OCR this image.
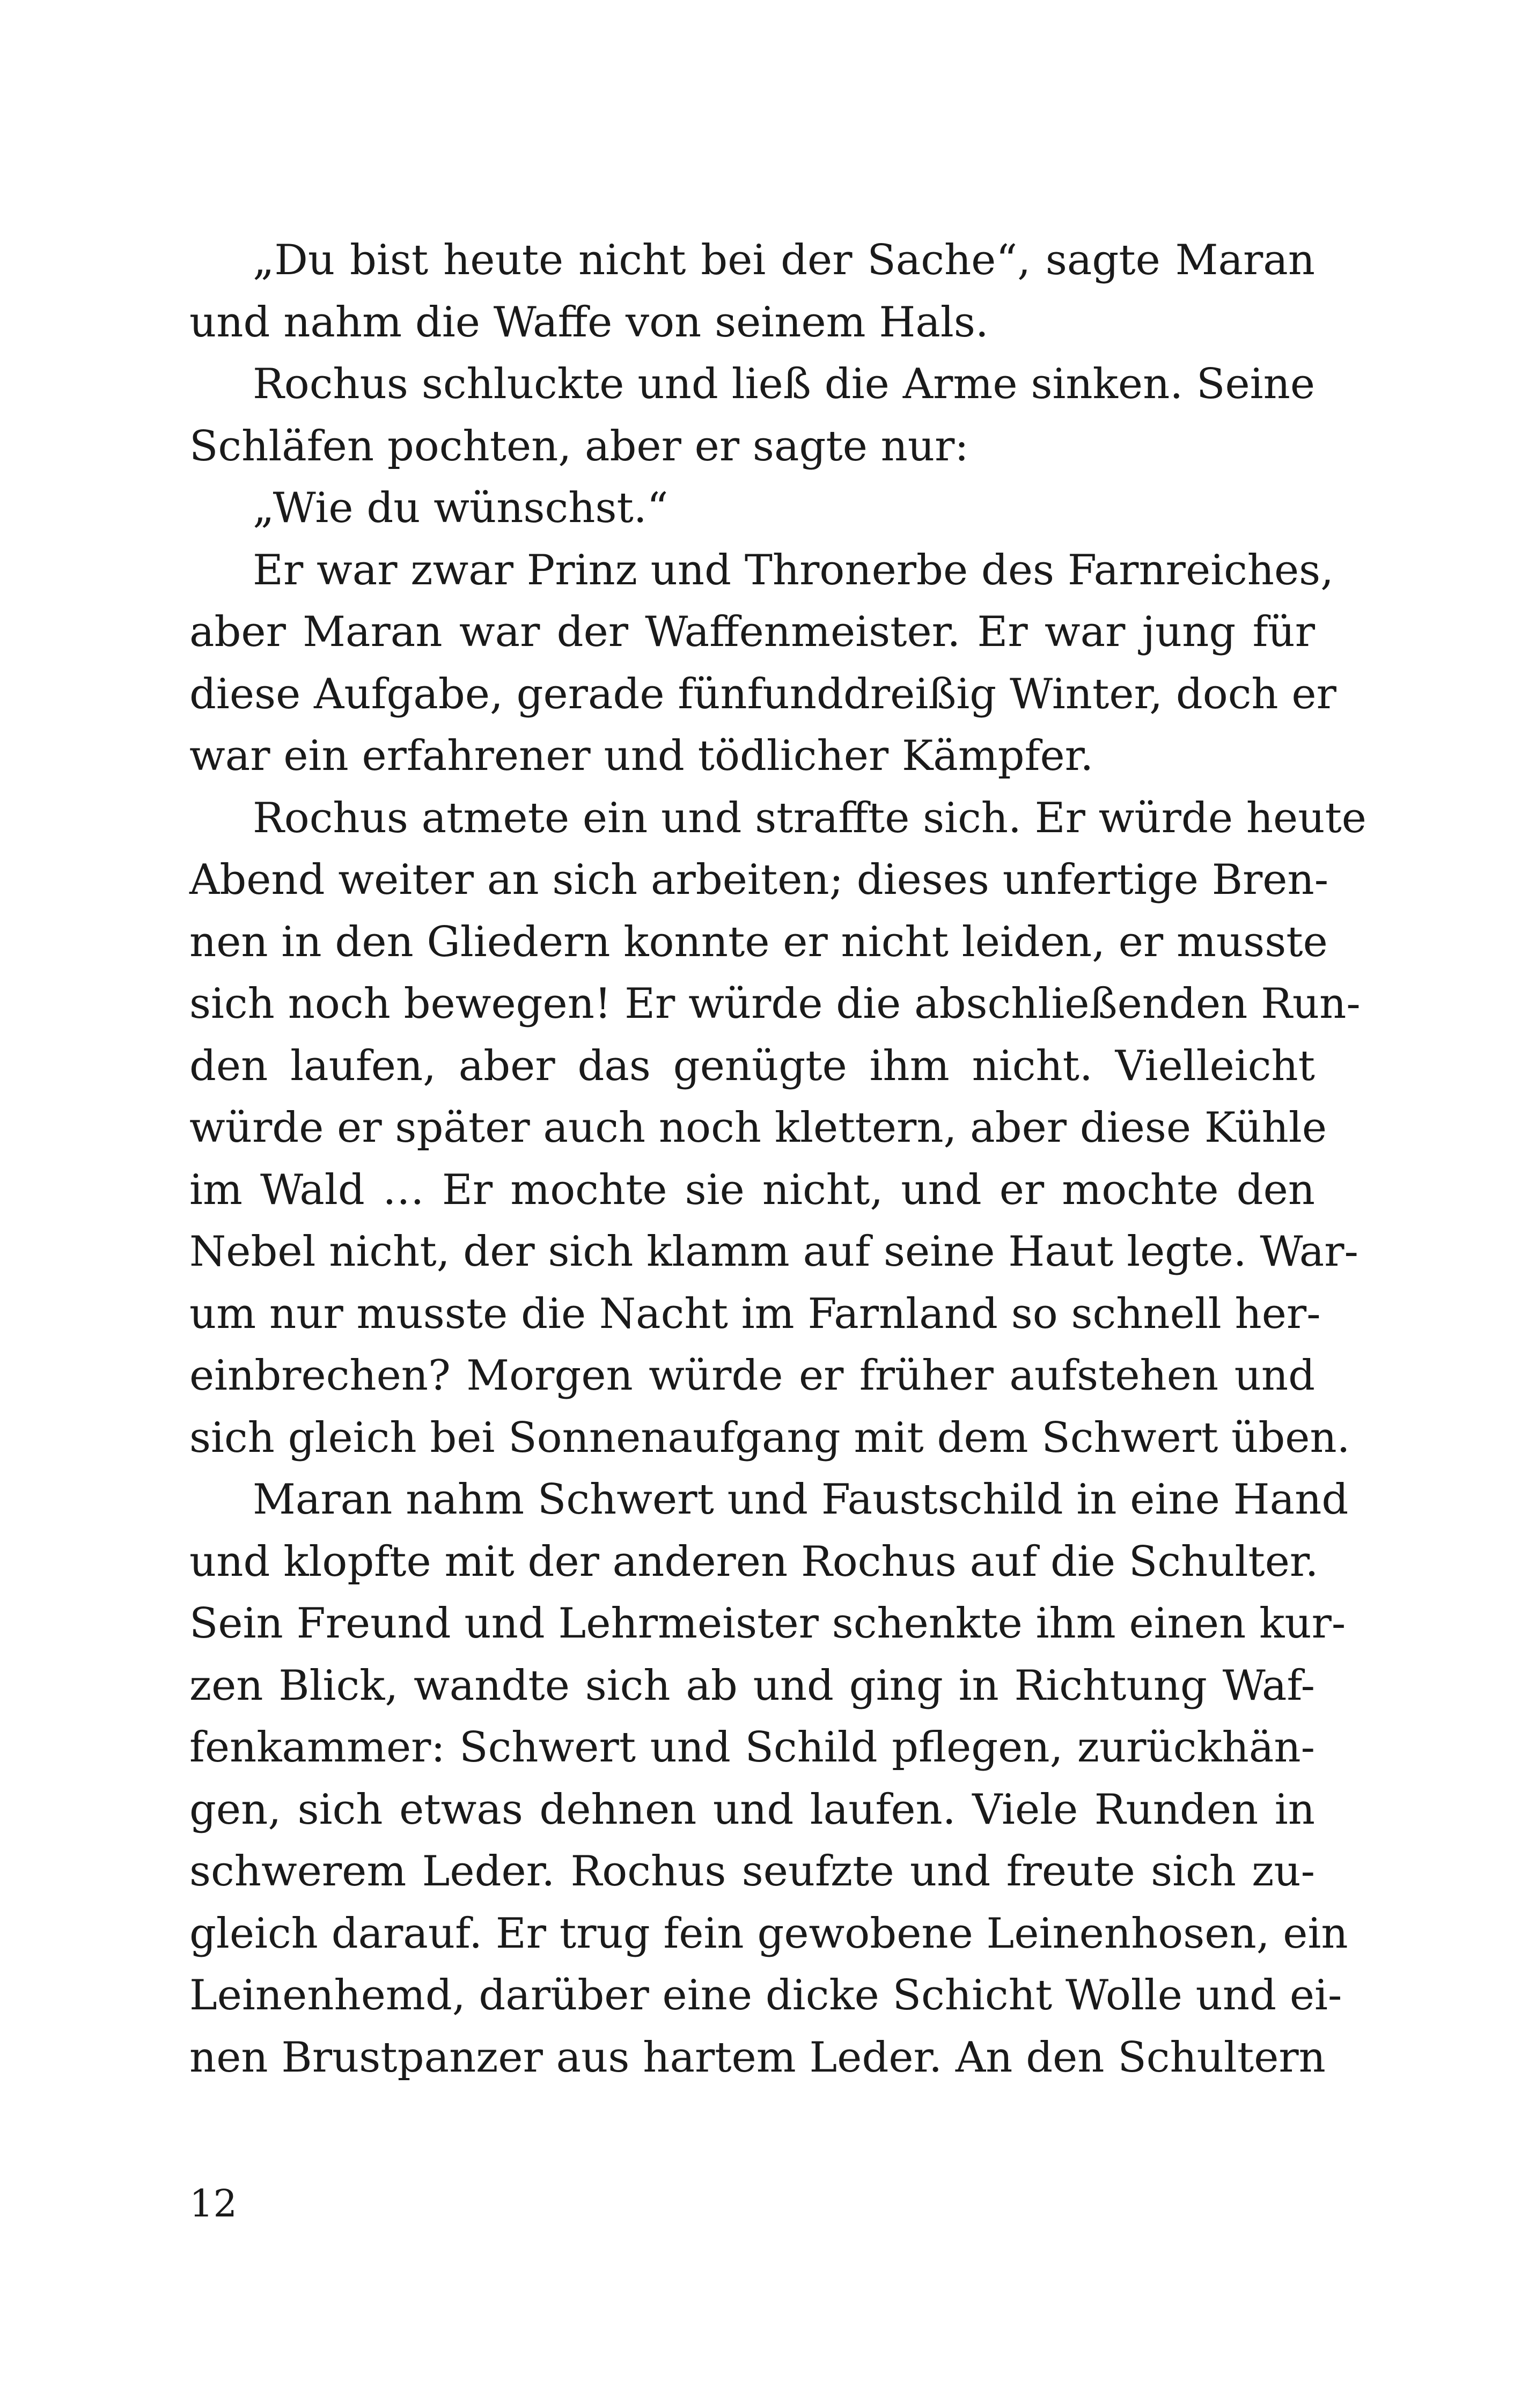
„Du bist heute nicht bei der Sache“, sagte Maran
und nahm die Waffe von seinem Hals.
Rochus schluckte und ließ die Arme sinken. Seine
Schläfen pochten, aber er sagte nur:
„Wie du wünschst.“
Er war zwar Prinz und Thronerbe des Farnreiches,
aber Maran war der Waffenmeister. Er war jung für
diese Aufgabe, gerade fünfunddreißig Winter, doch er
war ein erfahrener und tödlicher Kämpfer.
Rochus atmete ein und straffte sich. Er würde heute
Abend weiter an sich arbeiten; dieses unfertige Bren-
nen in den Gliedern konnte er nicht leiden, er musste
sich noch bewegen! Er würde die abschließenden Run-
den laufen, aber das genügte ihm nicht. Vielleicht
würde er später auch noch klettern, aber diese Kühle
im Wald … Er mochte sie nicht, und er mochte den
Nebel nicht, der sich klamm auf seine Haut legte. War-
um nur musste die Nacht im Farnland so schnell her-
einbrechen? Morgen würde er früher aufstehen und
sich gleich bei Sonnenaufgang mit dem Schwert üben.
Maran nahm Schwert und Faustschild in eine Hand
und klopfte mit der anderen Rochus auf die Schulter.
Sein Freund und Lehrmeister schenkte ihm einen kur-
zen Blick, wandte sich ab und ging in Richtung Waf-
fenkammer: Schwert und Schild pflegen, zurückhän-
gen, sich etwas dehnen und laufen. Viele Runden in
schwerem Leder. Rochus seufzte und freute sich zu-
gleich darauf. Er trug fein gewobene Leinenhosen, ein
Leinenhemd, darüber eine dicke Schicht Wolle und ei-
nen Brustpanzer aus hartem Leder. An den Schultern
12
